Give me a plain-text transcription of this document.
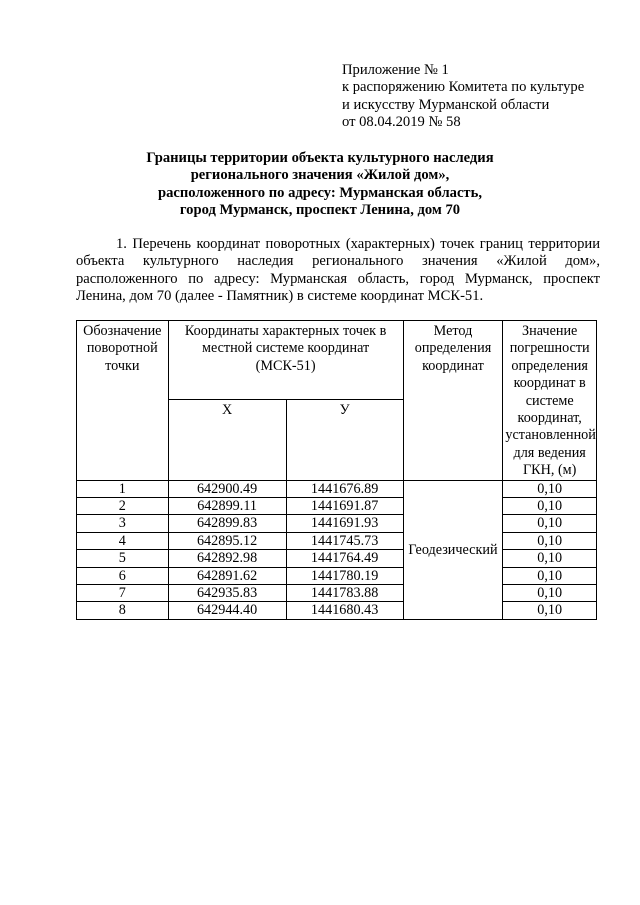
Приложение № 1
к распоряжению Комитета по культуре
и искусству Мурманской области
от 08.04.2019 № 58
Границы территории объекта культурного наследия
регионального значения «Жилой дом»,
расположенного по адресу: Мурманская область,
город Мурманск, проспект Ленина, дом 70

1. Перечень координат поворотных (характерных) точек границ территории объекта культурного наследия регионального значения «Жилой дом», расположенного по адресу: Мурманская область, город Мурманск, проспект Ленина, дом 70 (далее - Памятник) в системе координат МСК-51.

Обозначение поворотной точки	Координаты характерных точек в местной системе координат (МСК-51)		Метод определения координат	Значение погрешности определения координат в системе координат, установленной для ведения ГКН, (м)
	X	У		
1	642900.49	1441676.89	Геодезический	0,10
2	642899.11	1441691.87		0,10
3	642899.83	1441691.93		0,10
4	642895.12	1441745.73		0,10
5	642892.98	1441764.49		0,10
6	642891.62	1441780.19		0,10
7	642935.83	1441783.88		0,10
8	642944.40	1441680.43		0,10
